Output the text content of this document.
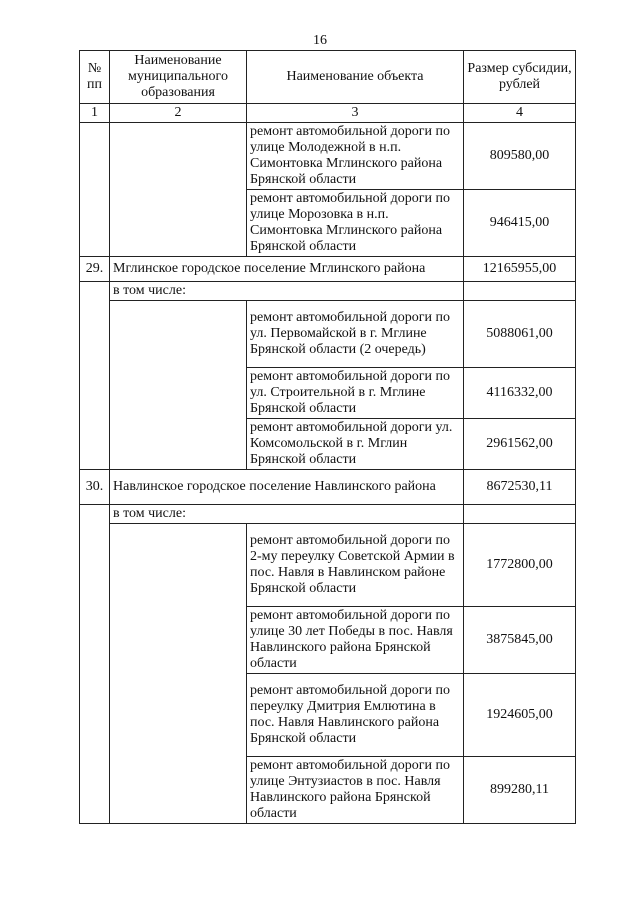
16
№ пп	Наименование муниципального образования	Наименование объекта	Размер субсидии, рублей
1	2	3	4
		ремонт автомобильной дороги по улице Молодежной в н.п. Симонтовка Мглинского района Брянской области	809580,00
		ремонт автомобильной дороги по улице Морозовка в н.п. Симонтовка Мглинского района Брянской области	946415,00
29.	Мглинское городское поселение Мглинского района		12165955,00
	в том числе:		
		ремонт автомобильной дороги по ул. Первомайской в г. Мглине Брянской области (2 очередь)	5088061,00
		ремонт автомобильной дороги по ул. Строительной в г. Мглине Брянской области	4116332,00
		ремонт автомобильной дороги ул. Комсомольской в г. Мглин Брянской области	2961562,00
30.	Навлинское городское поселение Навлинского района		8672530,11
	в том числе:		
		ремонт автомобильной дороги по 2-му переулку Советской Армии в пос. Навля в Навлинском районе Брянской области	1772800,00
		ремонт автомобильной дороги по улице 30 лет Победы в пос. Навля Навлинского района Брянской области	3875845,00
		ремонт автомобильной дороги по переулку Дмитрия Емлютина в пос. Навля Навлинского района Брянской области	1924605,00
		ремонт автомобильной дороги по улице Энтузиастов в пос. Навля Навлинского района Брянской области	899280,11
